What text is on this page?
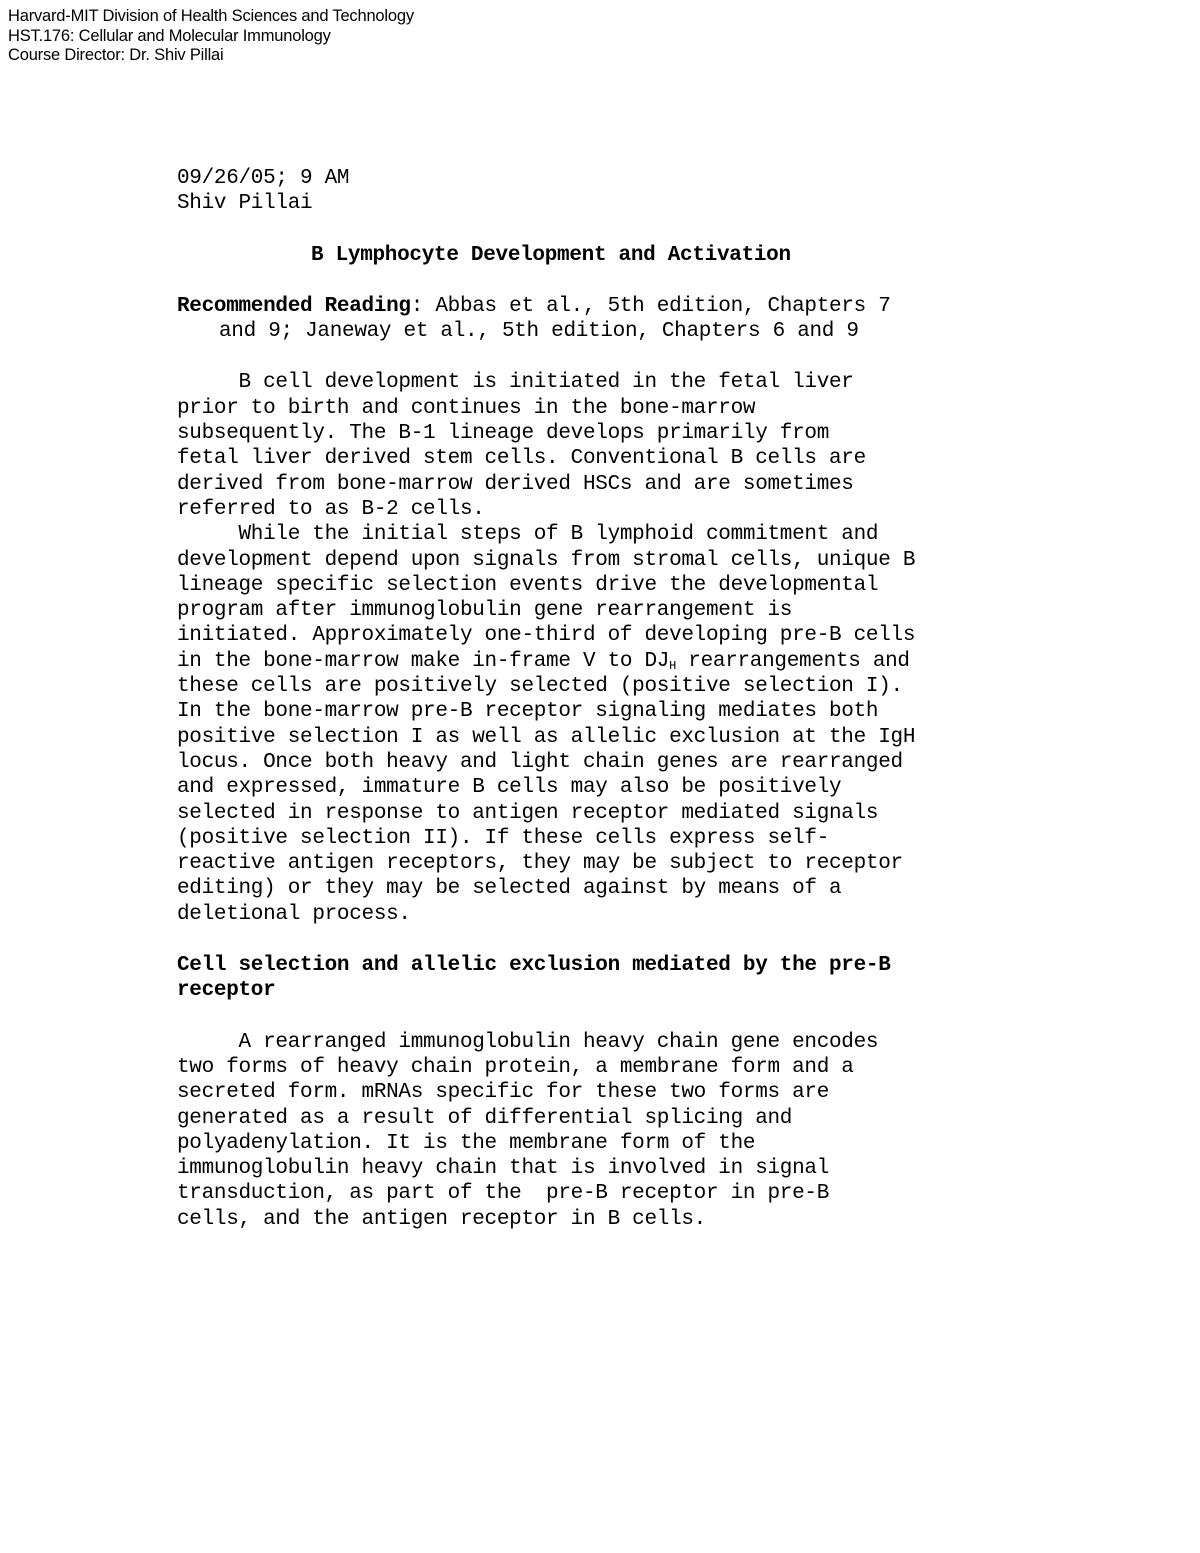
Harvard-MIT Division of Health Sciences and Technology
HST.176: Cellular and Molecular Immunology
Course Director: Dr. Shiv Pillai
09/26/05; 9 AM
Shiv Pillai
B Lymphocyte Development and Activation
Recommended Reading: Abbas et al., 5th edition, Chapters 7
and 9; Janeway et al., 5th edition, Chapters 6 and 9
B cell development is initiated in the fetal liver
prior to birth and continues in the bone-marrow
subsequently. The B-1 lineage develops primarily from
fetal liver derived stem cells. Conventional B cells are
derived from bone-marrow derived HSCs and are sometimes
referred to as B-2 cells.
While the initial steps of B lymphoid commitment and
development depend upon signals from stromal cells, unique B
lineage specific selection events drive the developmental
program after immunoglobulin gene rearrangement is
initiated. Approximately one-third of developing pre-B cells
in the bone-marrow make in-frame V to $DJ_H$ rearrangements and
these cells are positively selected (positive selection I).
In the bone-marrow pre-B receptor signaling mediates both
positive selection I as well as allelic exclusion at the IgH
locus. Once both heavy and light chain genes are rearranged
and expressed, immature B cells may also be positively
selected in response to antigen receptor mediated signals
(positive selection II). If these cells express self-
reactive antigen receptors, they may be subject to receptor
editing) or they may be selected against by means of a
deletional process.
Cell selection and allelic exclusion mediated by the pre-B
receptor
A rearranged immunoglobulin heavy chain gene encodes
two forms of heavy chain protein, a membrane form and a
secreted form. mRNAs specific for these two forms are
generated as a result of differential splicing and
polyadenylation. It is the membrane form of the
immunoglobulin heavy chain that is involved in signal
transduction, as part of the  pre-B receptor in pre-B
cells, and the antigen receptor in B cells.
